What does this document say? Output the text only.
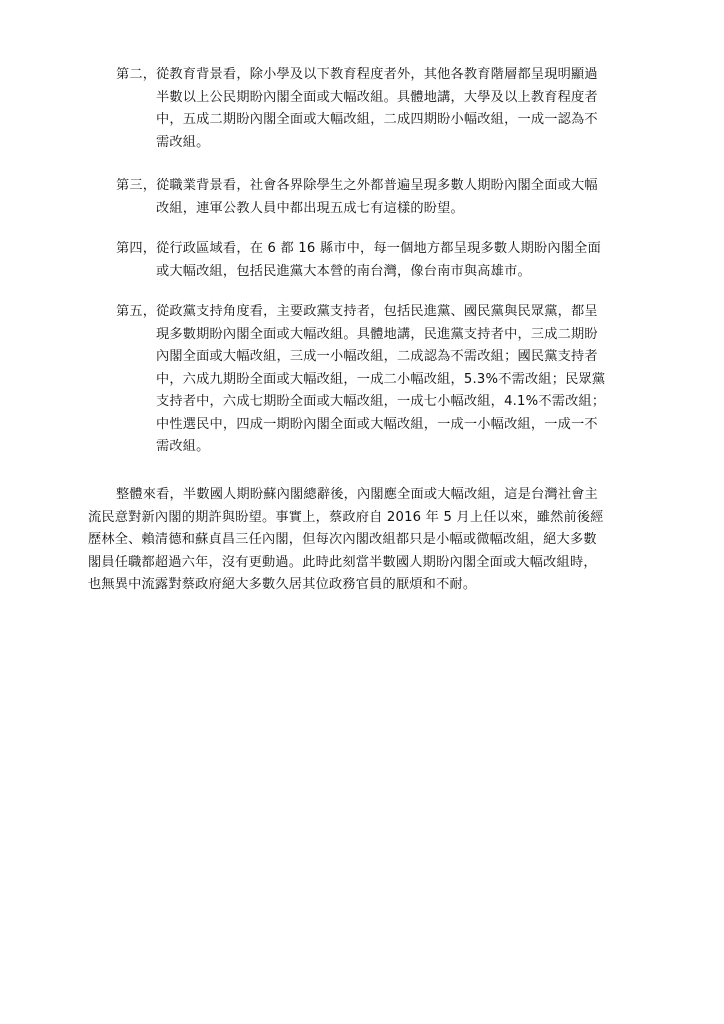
第二， 從教育背景看，除小學及以下教育程度者外，其他各教育階層都呈現明顯過
半數以上公民期盼內閣全面或大幅改組。具體地講，大學及以上教育程度者
中，五成二期盼內閣全面或大幅改組，二成四期盼小幅改組，一成一認為不
需改組。
第三， 從職業背景看，社會各界除學生之外都普遍呈現多數人期盼內閣全面或大幅
改組，連軍公教人員中都出現五成七有這樣的盼望。
第四， 從行政區域看，在 6 都 16 縣市中，每一個地方都呈現多數人期盼內閣全面
或大幅改組，包括民進黨大本營的南台灣，像台南市與高雄市。
第五， 從政黨支持角度看，主要政黨支持者，包括民進黨、國民黨與民眾黨，都呈
現多數期盼內閣全面或大幅改組。具體地講，民進黨支持者中，三成二期盼
內閣全面或大幅改組，三成一小幅改組，二成認為不需改組；國民黨支持者
中，六成九期盼全面或大幅改組，一成二小幅改組，5.3%不需改組；民眾黨
支持者中，六成七期盼全面或大幅改組，一成七小幅改組，4.1%不需改組；
中性選民中，四成一期盼內閣全面或大幅改組，一成一小幅改組，一成一不
需改組。
整體來看，半數國人期盼蘇內閣總辭後，內閣應全面或大幅改組，這是台灣社會主
流民意對新內閣的期許與盼望。事實上，蔡政府自 2016 年 5 月上任以來，雖然前後經
歷林全、賴清德和蘇貞昌三任內閣，但每次內閣改組都只是小幅或微幅改組，絕大多數
閣員任職都超過六年，沒有更動過。此時此刻當半數國人期盼內閣全面或大幅改組時，
也無異中流露對蔡政府絕大多數久居其位政務官員的厭煩和不耐。
